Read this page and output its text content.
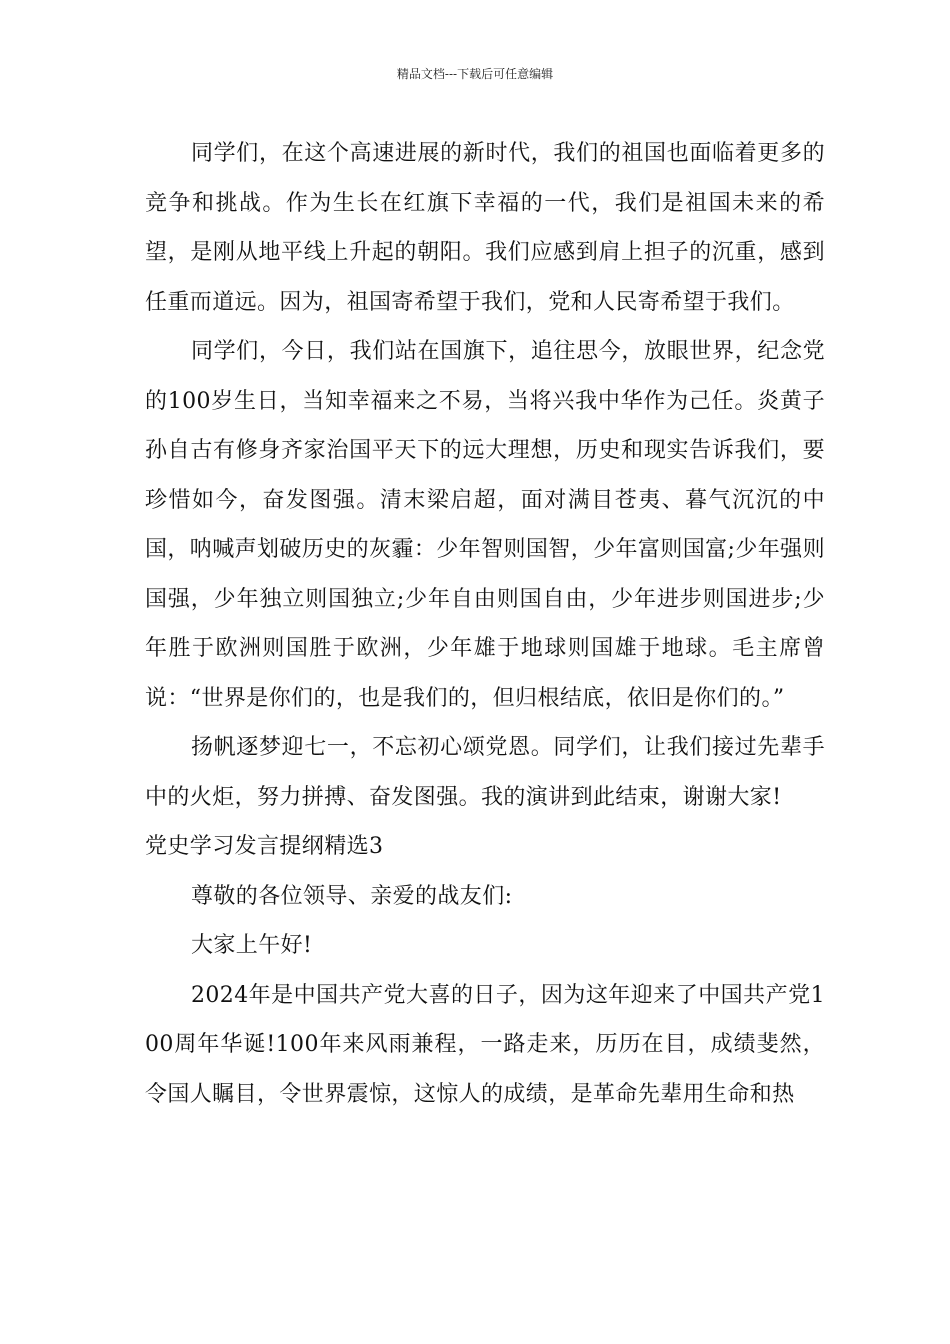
精品文档---下载后可任意编辑

同学们，在这个高速进展的新时代，我们的祖国也面临着更多的竞争和挑战。作为生长在红旗下幸福的一代，我们是祖国未来的希望，是刚从地平线上升起的朝阳。我们应感到肩上担子的沉重，感到任重而道远。因为，祖国寄希望于我们，党和人民寄希望于我们。

同学们，今日，我们站在国旗下，追往思今，放眼世界，纪念党的100岁生日，当知幸福来之不易，当将兴我中华作为己任。炎黄子孙自古有修身齐家治国平天下的远大理想，历史和现实告诉我们，要珍惜如今，奋发图强。清末梁启超，面对满目苍夷、暮气沉沉的中国，呐喊声划破历史的灰霾：少年智则国智，少年富则国富;少年强则国强，少年独立则国独立;少年自由则国自由，少年进步则国进步;少年胜于欧洲则国胜于欧洲，少年雄于地球则国雄于地球。毛主席曾说：“世界是你们的，也是我们的，但归根结底，依旧是你们的。”

扬帆逐梦迎七一，不忘初心颂党恩。同学们，让我们接过先辈手中的火炬，努力拼搏、奋发图强。我的演讲到此结束，谢谢大家!

党史学习发言提纲精选3

尊敬的各位领导、亲爱的战友们:

大家上午好!

2024年是中国共产党大喜的日子，因为这年迎来了中国共产党100周年华诞!100年来风雨兼程，一路走来，历历在目，成绩斐然，令国人瞩目，令世界震惊，这惊人的成绩，是革命先辈用生命和热
